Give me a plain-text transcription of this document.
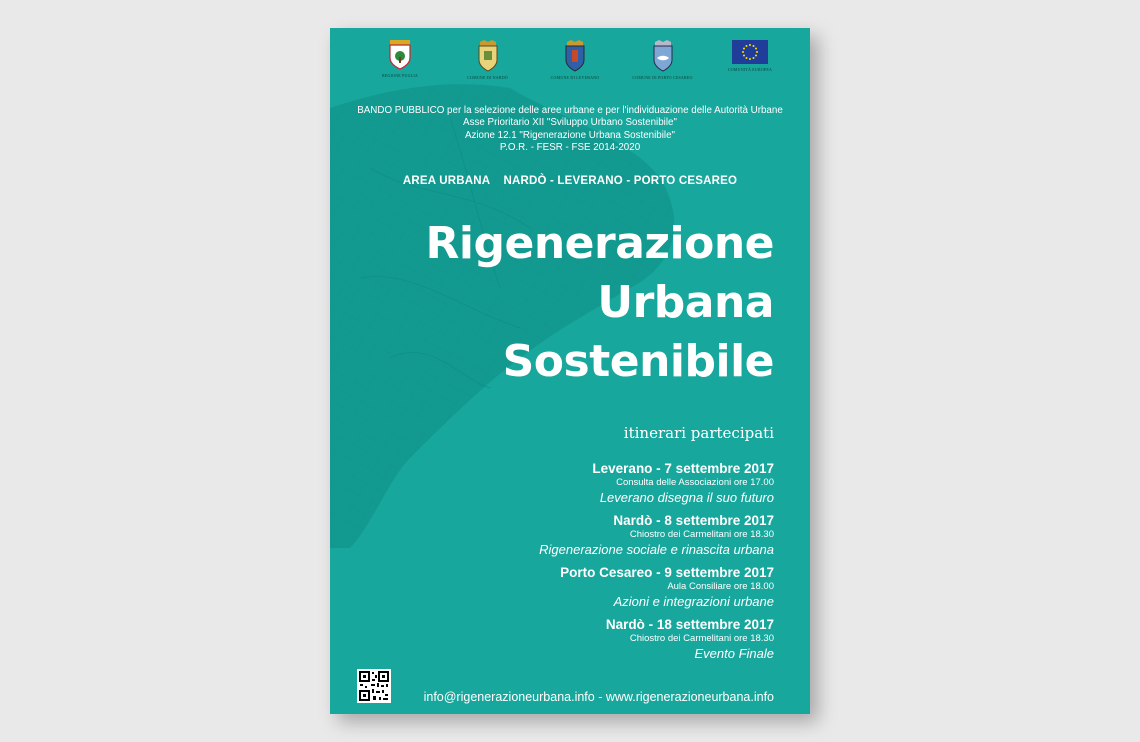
REGIONE PUGLIA	COMUNE DI NARDÒ	COMUNE DI LEVERANO	COMUNE DI PORTO CESAREO
COMUNITÀ EUROPEA
BANDO PUBBLICO per la selezione delle aree urbane e per l'individuazione delle Autorità Urbane
Asse Prioritario XII "Sviluppo Urbano Sostenibile"
Azione 12.1 "Rigenerazione Urbana Sostenibile"
P.O.R. - FESR - FSE 2014-2020
AREA URBANA    NARDÒ - LEVERANO - PORTO CESAREO
Rigenerazione
Urbana
Sostenibile
itinerari partecipati
Leverano - 7 settembre 2017
Consulta delle Associazioni ore 17.00
Leverano disegna il suo futuro
Nardò - 8 settembre 2017
Chiostro dei Carmelitani ore 18.30
Rigenerazione sociale e rinascita urbana
Porto Cesareo - 9 settembre 2017
Aula Consiliare ore 18.00
Azioni e integrazioni urbane
Nardò - 18 settembre 2017
Chiostro dei Carmelitani ore 18.30
Evento Finale
info@rigenerazioneurbana.info - www.rigenerazioneurbana.info
